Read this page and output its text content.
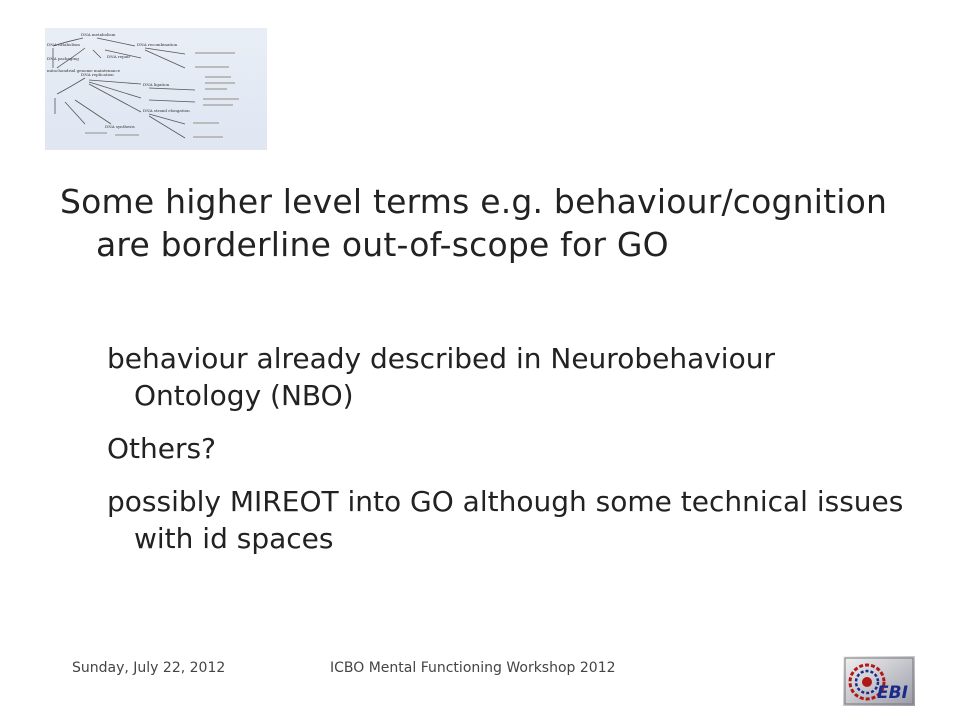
DNA metabolism
DNA recombination
DNA catabolism
DNA packaging	DNA repair
DNA replication
DNA ligation
DNA strand elongation
DNA synthesis
mitochondrial genome maintenance

Some higher level terms e.g. behaviour/cognition are borderline out-of-scope for GO

behaviour already described in Neurobehaviour Ontology (NBO)
Others?
possibly MIREOT into GO although some technical issues with id spaces
Sunday, July 22, 2012	ICBO Mental Functioning Workshop 2012
EBI
